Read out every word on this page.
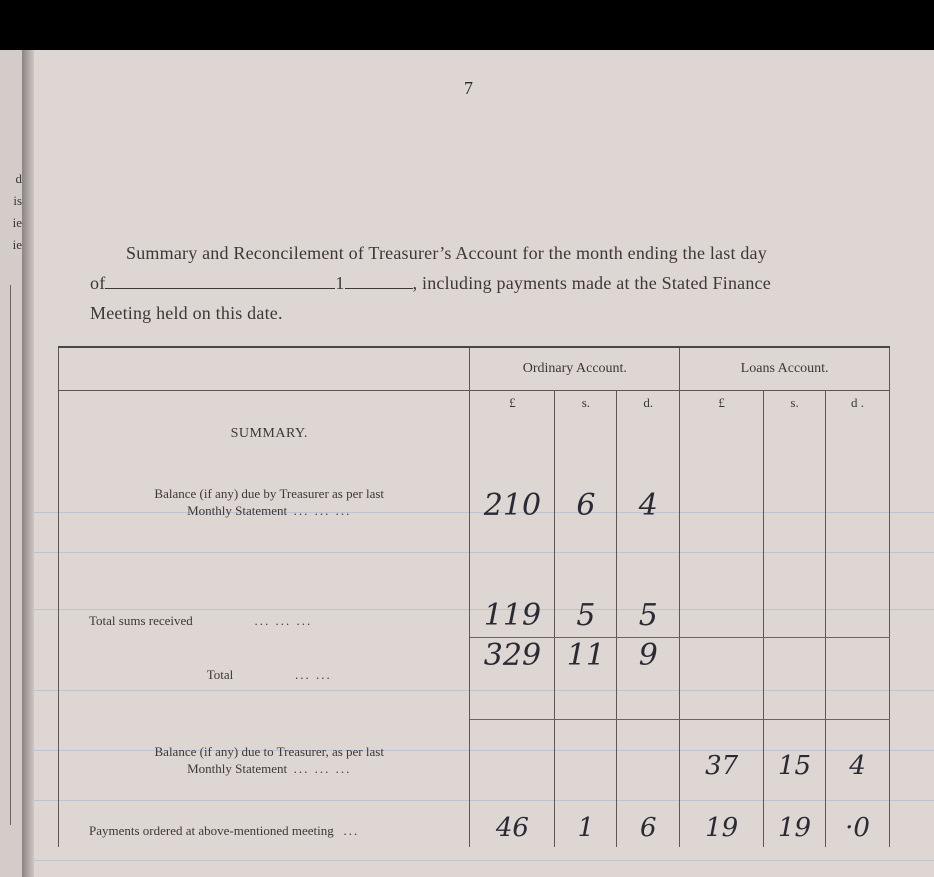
d
is
ie
ie
7
Summary and Reconcilement of Treasurer’s Account for the month ending the last day
of	1	, including payments made at the Stated Finance
Meeting held on this date.
	Ordinary Account.			Loans Account.		
	£	s.	d.	£	s.	d .
SUMMARY.						

Balance (if any) due by Treasurer as per last
Monthly Statement ... ... ...	210	6	4			
Total sums received ... ... ...	119	5	5			
Total ... ...	329	11	9			

Balance (if any) due to Treasurer, as per last
Monthly Statement ... ... ...				37	15	4
Payments ordered at above-mentioned meeting ...	46	1	6	19	19	·0
